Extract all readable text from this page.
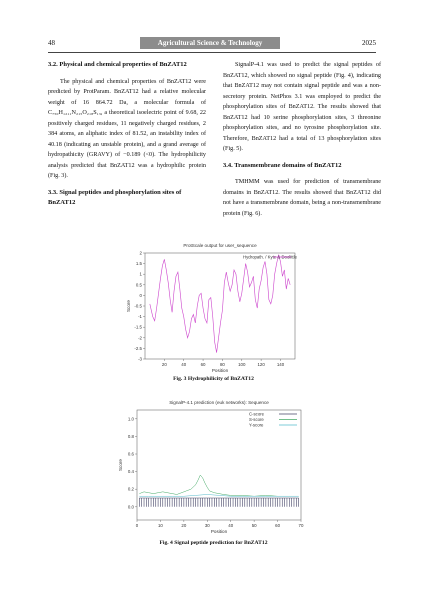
48	Agricultural Science & Technology	2025

3.2. Physical and chemical properties of BnZAT12

The physical and chemical properties of BnZAT12 were predicted by ProtParam. BnZAT12 had a relative molecular weight of 16 864.72 Da, a molecular formula of C₇₅₀H₁₂₁₁N₂₁₅O₂₁₈S₁₃, a theoretical isoelectric point of 9.68, 22 positively charged residues, 11 negatively charged residues, 2 384 atoms, an aliphatic index of 81.52, an instability index of 40.18 (indicating an unstable protein), and a grand average of hydropathicity (GRAVY) of −0.189 (<0). The hydrophilicity analysis predicted that BnZAT12 was a hydrophilic protein (Fig. 3).

3.3. Signal peptides and phosphorylation sites of BnZAT12

SignalP-4.1 was used to predict the signal peptides of BnZAT12, which showed no signal peptide (Fig. 4), indicating that BnZAT12 may not contain signal peptide and was a non-secretory protein. NetPhos 3.1 was employed to predict the phosphorylation sites of BnZAT12. The results showed that BnZAT12 had 10 serine phosphorylation sites, 3 threonine phosphorylation sites, and no tyrosine phosphorylation site. Therefore, BnZAT12 had a total of 13 phosphorylation sites (Fig. 5).

3.4. Transmembrane domains of BnZAT12

TMHMM was used for prediction of transmembrane domains in BnZAT12. The results showed that BnZAT12 did not have a transmembrane domain, being a non-transmembrane protein (Fig. 6).

ProtScale output for user_sequence
20	40	60	80	100	120	140
-3
-2.5
-2
-1.5
-1
-0.5
0
0.5
1
1.5
2
Position
Score
Hydropath. / Kyte & Doolittle
Fig. 3 Hydrophilicity of BnZAT12
SignalP-4.1 prediction (euk networks): Sequence
0	10	20	30	40	50	60	70
0.0
0.2
0.4
0.6
0.8
1.0
Position
Score
C-score
S-score
Y-score
Fig. 4 Signal peptide prediction for BnZAT12
